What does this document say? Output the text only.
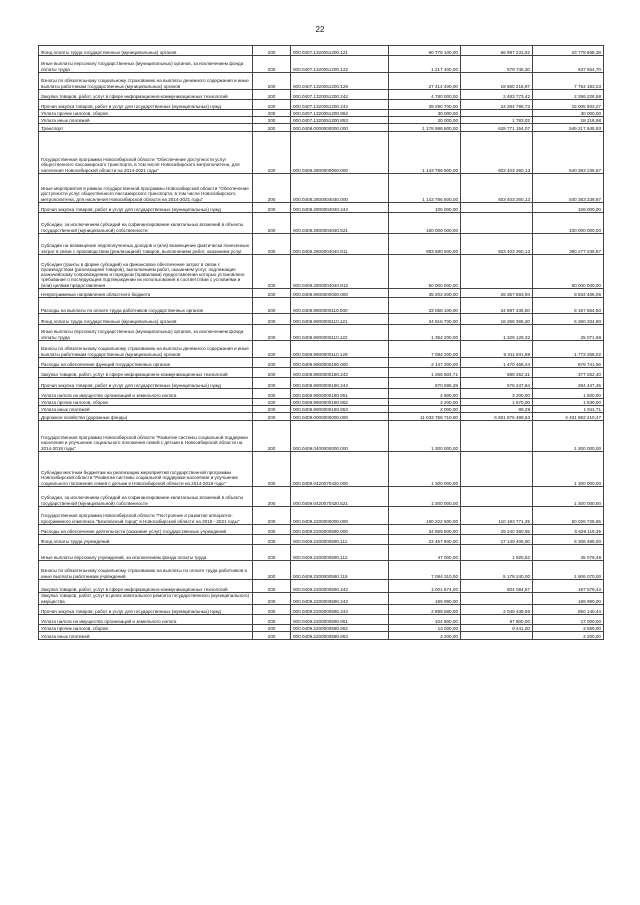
22
Фонд оплаты труда государственных (муниципальных) органов	200	000.0407.1320051200.121	90 776 100,00	66 997 231,62	23 778 868,38
Иные выплаты персоналу государственных (муниципальных) органов, за исключением фонда оплаты труда	200	000.0407.1320051200.122	1 217 400,00	579 745,30	637 654,70
Взносы по обязательному социальному страхованию на выплаты денежного содержания и иные выплаты работникам государственных (муниципальных) органов	200	000.0407.1320051200.129	27 414 400,00	19 660 216,97	7 754 183,03
Закупка товаров, работ, услуг в сфере информационно-коммуникационных технологий	200	000.0407.1320051200.242	4 780 000,00	2 483 773,42	2 296 226,58
Прочая закупка товаров, работ и услуг для государственных (муниципальных) нужд	200	000.0407.1320051200.244	39 290 700,00	24 284 796,73	15 005 903,27
Уплата прочих налогов, сборов	200	000.0407.1320051200.852	30 000,00		30 000,00
Уплата иных платежей	200	000.0407.1320051200.853	20 000,00	1 783,02	18 216,98
Транспорт	200	000.0408.0000000000.000	1 178 988 800,00	629 771 154,07	549 217 645,93
Государственная программа Новосибирской области "Обеспечение доступности услуг общественного пассажирского транспорта, в том числе Новосибирского метрополитена, для населения Новосибирской области на 2014-2021 годы"	200	000.0408.2800000000.000	1 143 786 500,00	603 403 260,13	540 383 239,87
Иные мероприятия в рамках государственной программы Новосибирской области "Обеспечение доступности услуг общественного пассажирского транспорта, в том числе Новосибирского метрополитена, для населения Новосибирской области на 2014-2021 годы"	200	000.0408.2800004040.000	1 143 786 500,00	603 403 260,13	540 383 239,87
Прочая закупка товаров, работ и услуг для государственных (муниципальных) нужд	200	000.0408.2800004040.244	106 000,00		106 000,00
Субсидии, за исключением субсидий на софинансирование капитальных вложений в объекты государственной (муниципальной) собственности	200	000.0408.2800004040.521	100 000 000,00		100 000 000,00
Субсидии на возмещение недополученных доходов и (или) возмещение фактически понесенных затрат в связи с производством (реализацией) товаров, выполнением работ, оказанием услуг	200	000.0408.2800004040.811	993 680 500,00	603 403 260,13	390 277 239,87
Субсидии (гранты в форме субсидий) на финансовое обеспечение затрат в связи с производством (реализацией товаров), выполнением работ, оказанием услуг, подлежащие казначейскому сопровождению и порядком (правилами) предоставления которых установлено требование о последующем подтверждении их использования в соответствии с условиями и (или) целями предоставления	200	000.0408.2800004040.812	50 000 000,00		50 000 000,00
Непрограммные направления областного бюджета	200	000.0408.9900000000.000	35 202 300,00	26 367 893,94	8 834 406,06
Расходы на выплаты по оплате труда работников государственных органов	200	000.0408.9900000110.000	33 055 100,00	24 897 435,50	8 157 664,50
Фонд оплаты труда государственных (муниципальных) органов	200	000.0408.9900000110.121	24 616 700,00	18 256 365,20	6 360 334,80
Иные выплаты персоналу государственных (муниципальных) органов, за исключением фонда оплаты труда	200	000.0408.9900000110.122	1 354 200,00	1 329 128,32	25 071,68
Взносы по обязательному социальному страхованию на выплаты денежного содержания и иные выплаты работникам государственных (муниципальных) органов	200	000.0408.9900000110.129	7 084 200,00	5 311 941,98	1 772 258,02
Расходы на обеспечение функций государственных органов	200	000.0408.9900000190.000	2 147 200,00	1 470 458,44	676 741,56
Закупка товаров, работ, услуг в сфере информационно-коммуникационных технологий	200	000.0408.9900000190.242	1 266 504,71	889 252,31	377 252,40
Прочая закупка товаров, работ и услуг для государственных (муниципальных) нужд	200	000.0408.9900000190.244	870 695,29	576 247,84	294 447,45
Уплата налога на имущество организаций и земельного налога	200	000.0408.9900000190.851	4 800,00	3 200,00	1 600,00
Уплата прочих налогов, сборов	200	000.0408.9900000190.852	3 200,00	1 670,00	1 530,00
Уплата иных платежей	200	000.0408.9900000190.853	2 000,00	88,29	1 911,71
Дорожное хозяйство (дорожные фонды)	200	000.0409.0000000000.000	11 033 758 710,00	6 601 876 499,53	4 431 882 210,47
Государственная программа Новосибирской области "Развитие системы социальной поддержки населения и улучшение социального положения семей с детьми в Новосибирской области на 2014-2019 годы"	200	000.0409.0400000000.000	1 300 000,00		1 300 000,00
Субсидии местным бюджетам на реализацию мероприятий государственной программы Новосибирской области "Развитие системы социальной поддержки населения и улучшение социального положения семей с детьми в Новосибирской области на 2014-2019 годы"	200	000.0409.0420070420.000	1 300 000,00		1 300 000,00
Субсидии, за исключением субсидий на софинансирование капитальных вложений в объекты государственной (муниципальной) собственности	200	000.0409.0420070420.521	1 300 000,00		1 300 000,00
Государственная программа Новосибирской области "Построение и развитие аппаратно-программного комплекса "Безопасный город" в Новосибирской области на 2015 - 2021 годы"	200	000.0409.2200000000.000	160 222 500,00	110 193 771,35	50 028 728,65
Расходы на обеспечение деятельности (оказание услуг) государственных учреждений	200	000.0409.2200000590.000	34 869 500,00	29 240 380,65	5 629 119,35
Фонд оплаты труда учреждений	200	000.0409.2200000590.111	23 457 900,00	17 149 405,00	6 308 495,00
Иные выплаты персоналу учреждений, за исключением фонда оплаты труда	200	000.0409.2200000590.112	47 000,00	1 920,52	45 079,48
Взносы по обязательному социальному страхованию на выплаты по оплате труда работников и иные выплаты работникам учреждений	200	000.0409.2200000590.119	7 084 310,00	5 178 240,00	1 906 070,00
Закупка товаров, работ, услуг в сфере информационно-коммуникационных технологий	200	000.0409.2200000590.242	1 001 674,00	804 084,57	197 579,43
Закупка товаров, работ, услуг в целях капитального ремонта государственного (муниципального) имущества	200	000.0409.2200000590.243	189 990,00		189 990,00
Прочая закупка товаров, работ и услуг для государственных (муниципальных) нужд	200	000.0409.2200000590.244	2 899 580,00	2 049 439,56	850 140,44
Уплата налога на имущество организаций и земельного налога	200	000.0409.2200000590.851	104 800,00	87 800,00	17 000,00
Уплата прочих налогов, сборов	200	000.0409.2200000590.852	13 000,00	9 441,00	3 559,00
Уплата иных платежей	200	000.0409.2200000590.853	3 200,00		3 200,00
